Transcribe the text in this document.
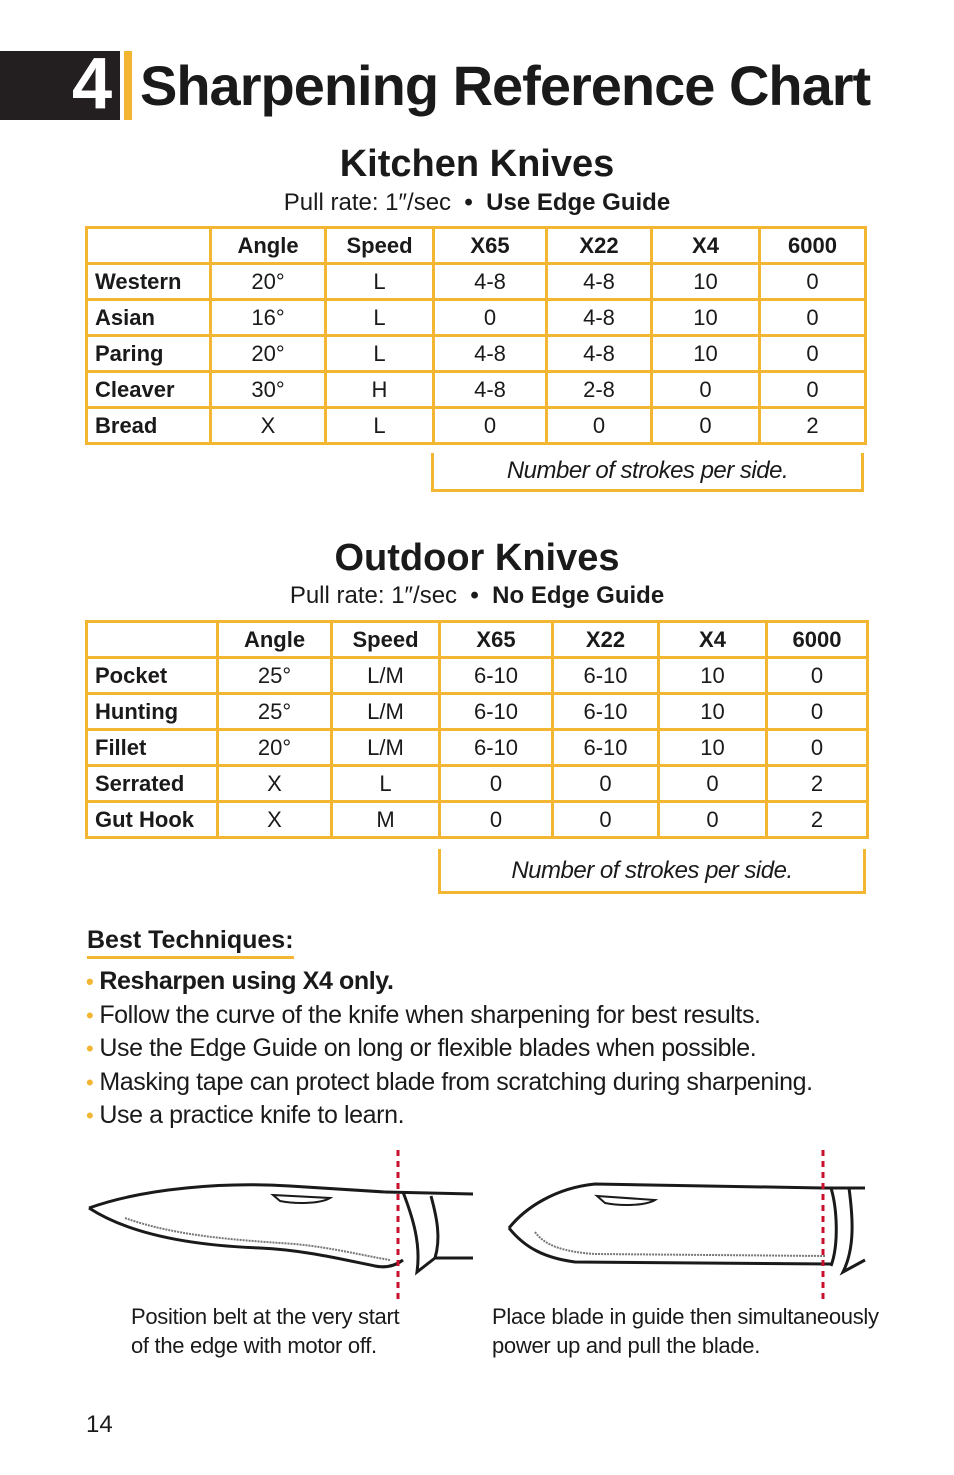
4 Sharpening Reference Chart
Kitchen Knives
Pull rate: 1″/sec • Use Edge Guide
	Angle	Speed	X65	X22	X4	6000
Western	20°	L	4-8	4-8	10	0
Asian	16°	L	0	4-8	10	0
Paring	20°	L	4-8	4-8	10	0
Cleaver	30°	H	4-8	2-8	0	0
Bread	X	L	0	0	0	2
Number of strokes per side.
Outdoor Knives
Pull rate: 1″/sec • No Edge Guide
	Angle	Speed	X65	X22	X4	6000
Pocket	25°	L/M	6-10	6-10	10	0
Hunting	25°	L/M	6-10	6-10	10	0
Fillet	20°	L/M	6-10	6-10	10	0
Serrated	X	L	0	0	0	2
Gut Hook	X	M	0	0	0	2
Number of strokes per side.
Best Techniques:
• Resharpen using X4 only.
• Follow the curve of the knife when sharpening for best results.
• Use the Edge Guide on long or flexible blades when possible.
• Masking tape can protect blade from scratching during sharpening.
• Use a practice knife to learn.
Position belt at the very start
of the edge with motor off.
Place blade in guide then simultaneously
power up and pull the blade.
14
